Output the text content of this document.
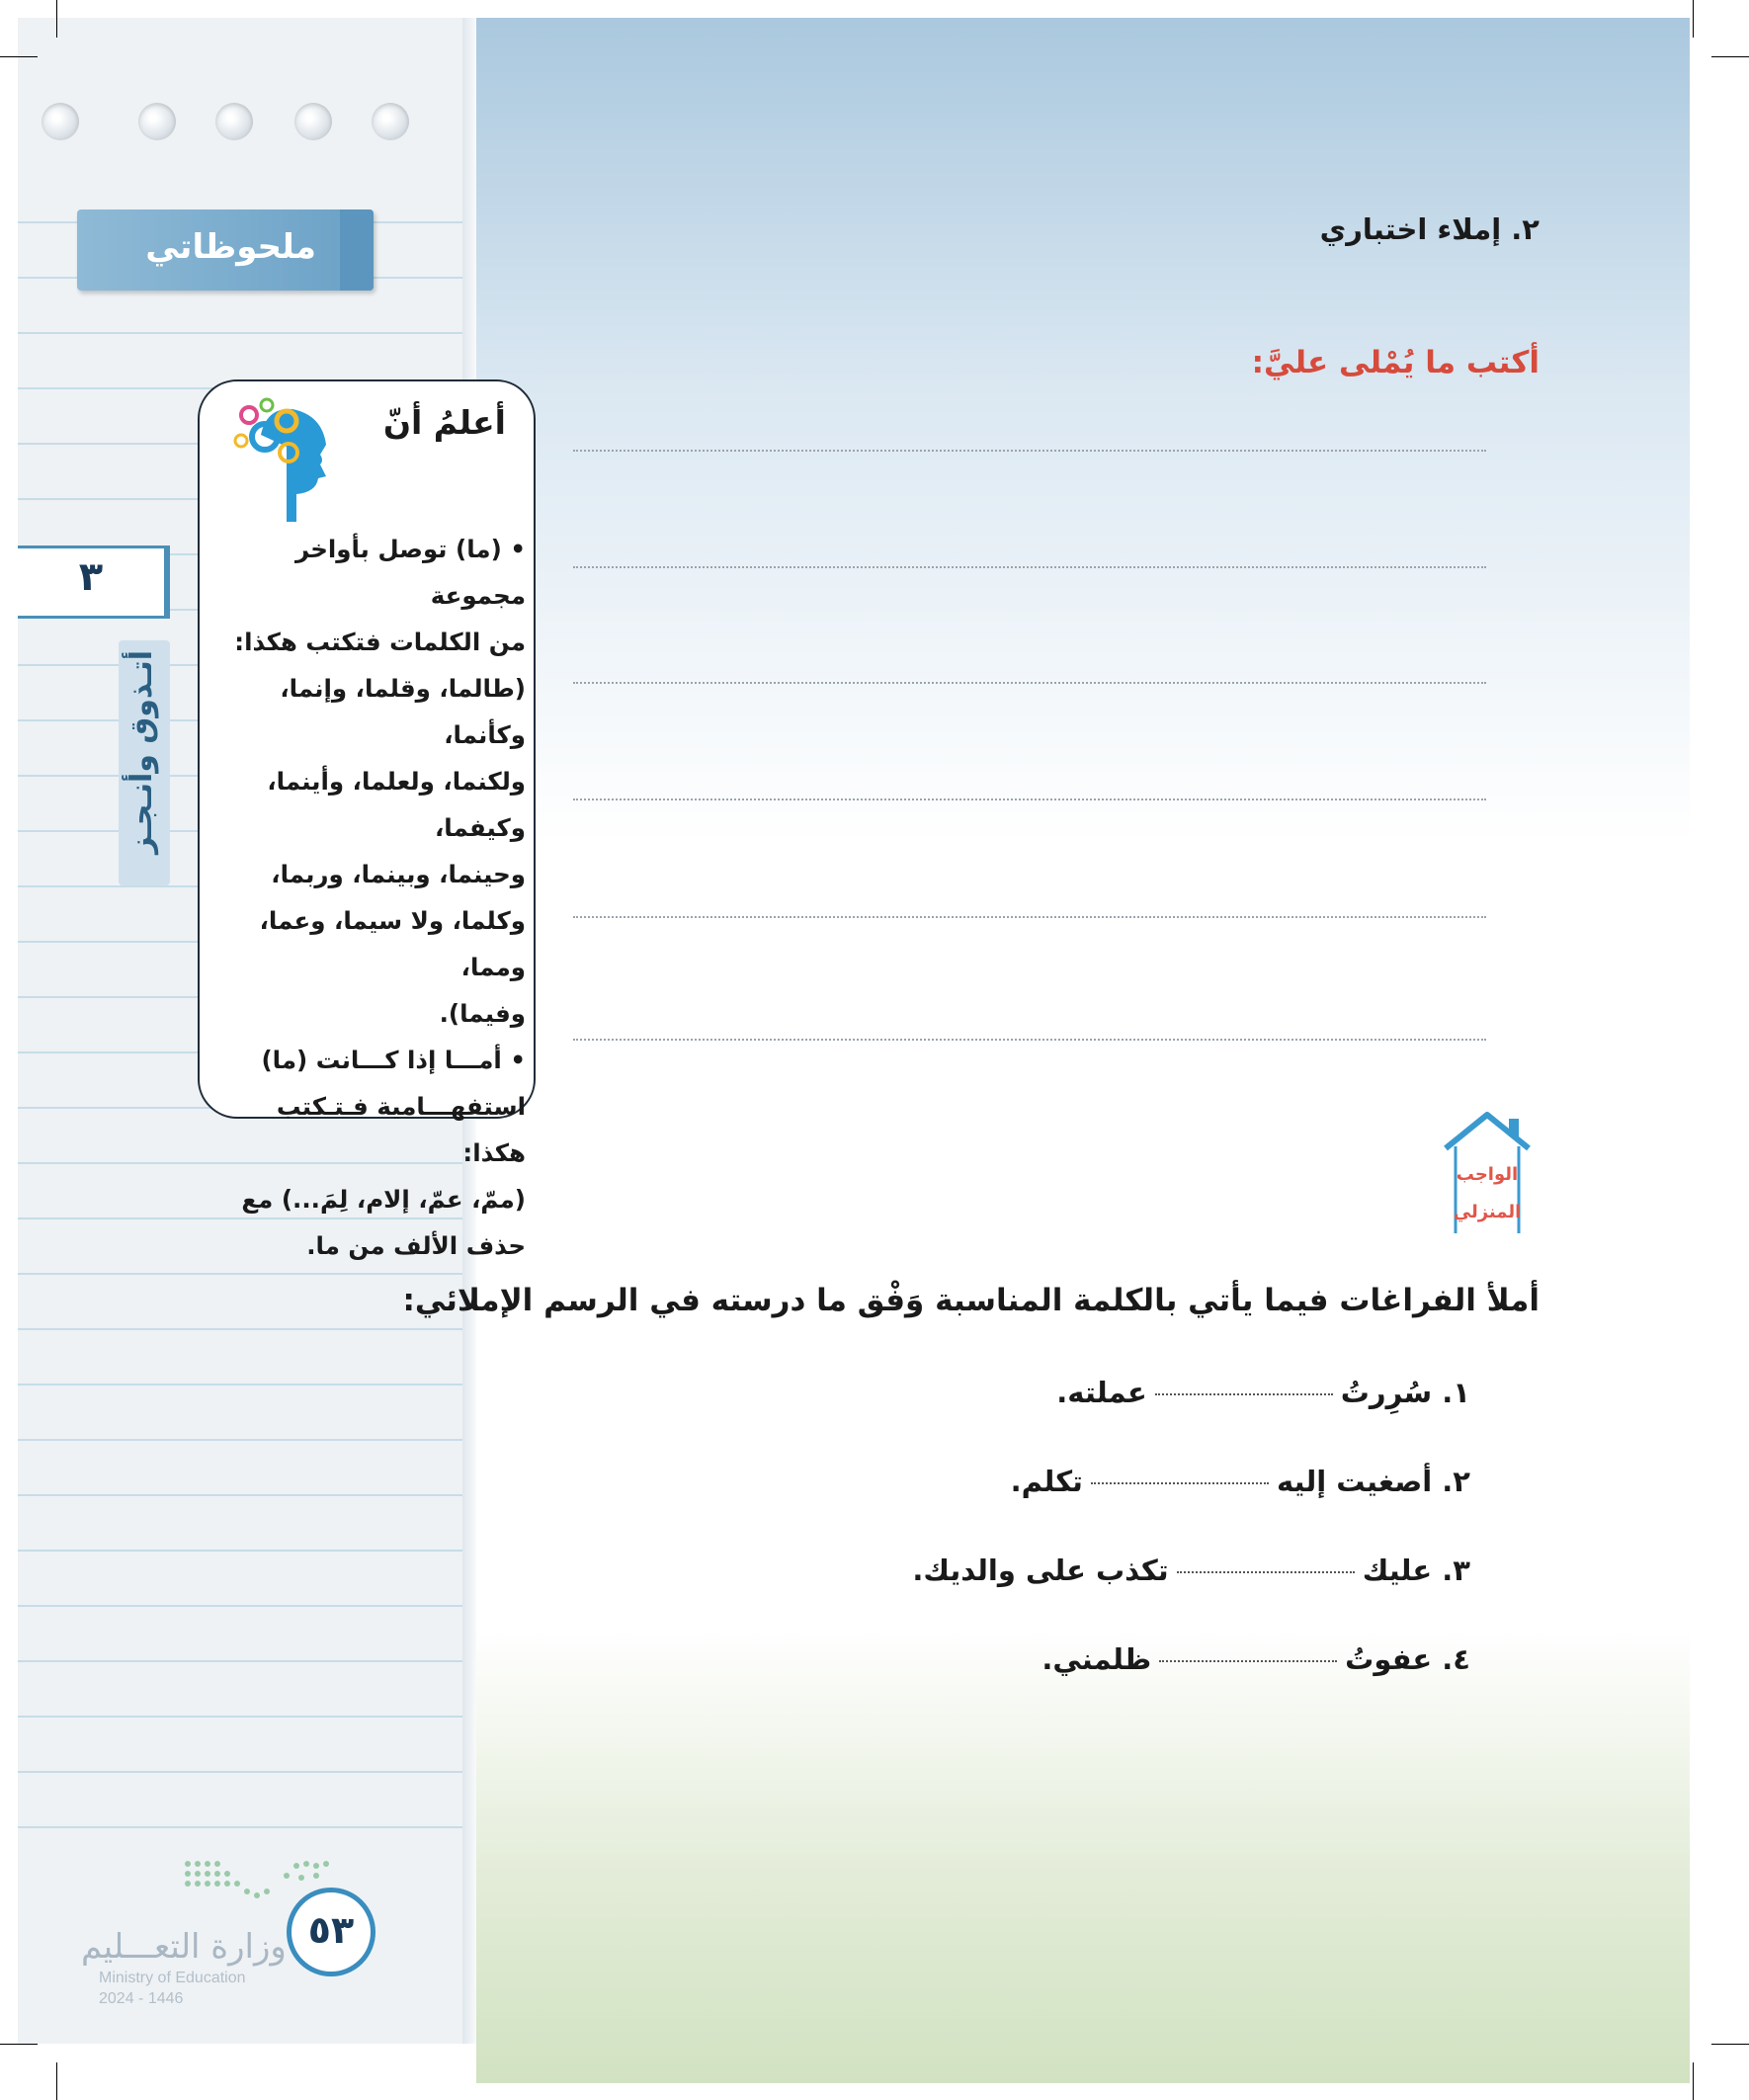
ملحوظاتي
٣
أتـذوق وأنـجـز
أعلمُ أنّ
• (ما) توصل بأواخر مجموعة
من الكلمات فتكتب هكذا:
(طالما، وقلما، وإنما، وكأنما،
ولكنما، ولعلما، وأينما، وكيفما،
وحينما، وبينما، وربما،
وكلما، ولا سيما، وعما، ومما،
وفيما).
• أمـــا إذا كـــانت (ما)
استفهـــامية فـتـكتب هكذا:
(ممّ، عمّ، إلام، لِمَ...) مع
حذف الألف من ما.
٢. إملاء اختباري
أكتب ما يُمْلى عليَّ:
الواجب
المنزلي
أملأ الفراغات فيما يأتي بالكلمة المناسبة وَفْق ما درسته في الرسم الإملائي:
١. سُرِرتُعملته.
٢. أصغيت إليهتكلم.
٣. عليكتكذب على والديك.
٤. عفوتُظلمني.
٥٣
وزارة التعـــليم
Ministry of Education
2024 - 1446
